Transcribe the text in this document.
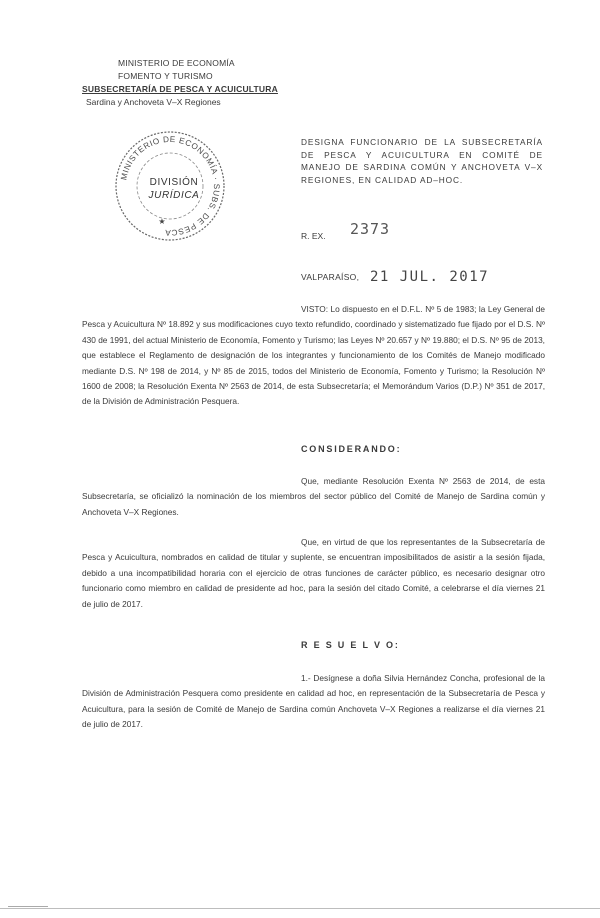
MINISTERIO DE ECONOMÍA
FOMENTO Y TURISMO
SUBSECRETARÍA DE PESCA Y ACUICULTURA
Sardina y Anchoveta V–X Regiones
MINISTERIO DE ECONOMÍA · SUBS. DE PESCA
DIVISIÓN
JURÍDICA
★
DESIGNA FUNCIONARIO DE LA SUBSECRETARÍA DE PESCA Y ACUICULTURA EN COMITÉ DE MANEJO DE SARDINA COMÚN Y ANCHOVETA V–X REGIONES, EN CALIDAD AD–HOC.
R. EX. 2373
VALPARAÍSO, 21 JUL. 2017

VISTO: Lo dispuesto en el D.F.L. Nº 5 de 1983; la Ley General de Pesca y Acuicultura Nº 18.892 y sus modificaciones cuyo texto refundido, coordinado y sistematizado fue fijado por el D.S. Nº 430 de 1991, del actual Ministerio de Economía, Fomento y Turismo; las Leyes Nº 20.657 y Nº 19.880; el D.S. Nº 95 de 2013, que establece el Reglamento de designación de los integrantes y funcionamiento de los Comités de Manejo modificado mediante D.S. Nº 198 de 2014, y Nº 85 de 2015, todos del Ministerio de Economía, Fomento y Turismo; la Resolución Nº 1600 de 2008; la Resolución Exenta Nº 2563 de 2014, de esta Subsecretaría; el Memorándum Varios (D.P.) Nº 351 de 2017, de la División de Administración Pesquera.

CONSIDERANDO:

Que, mediante Resolución Exenta Nº 2563 de 2014, de esta Subsecretaría, se oficializó la nominación de los miembros del sector público del Comité de Manejo de Sardina común y Anchoveta V–X Regiones.

Que, en virtud de que los representantes de la Subsecretaría de Pesca y Acuicultura, nombrados en calidad de titular y suplente, se encuentran imposibilitados de asistir a la sesión fijada, debido a una incompatibilidad horaria con el ejercicio de otras funciones de carácter público, es necesario designar otro funcionario como miembro en calidad de presidente ad hoc, para la sesión del citado Comité, a celebrarse el día viernes 21 de julio de 2017.

R E S U E L V O:

1.- Desígnese a doña Silvia Hernández Concha, profesional de la División de Administración Pesquera como presidente en calidad ad hoc, en representación de la Subsecretaría de Pesca y Acuicultura, para la sesión de Comité de Manejo de Sardina común Anchoveta V–X Regiones a realizarse el día viernes 21 de julio de 2017.
